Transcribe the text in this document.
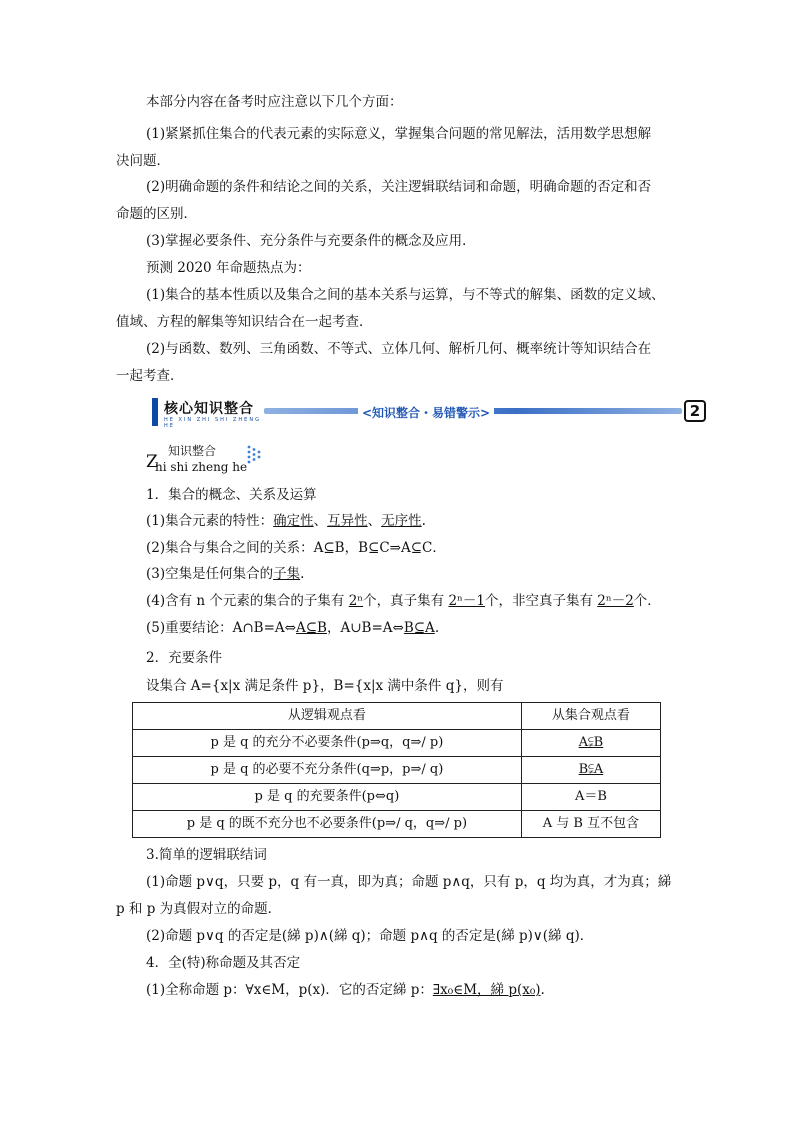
本部分内容在备考时应注意以下几个方面：
(1)紧紧抓住集合的代表元素的实际意义，掌握集合问题的常见解法，活用数学思想解
决问题．
(2)明确命题的条件和结论之间的关系，关注逻辑联结词和命题，明确命题的否定和否
命题的区别．
(3)掌握必要条件、充分条件与充要条件的概念及应用．
预测 2020 年命题热点为：
(1)集合的基本性质以及集合之间的基本关系与运算，与不等式的解集、函数的定义域、
值域、方程的解集等知识结合在一起考查．
(2)与函数、数列、三角函数、不等式、立体几何、解析几何、概率统计等知识结合在
一起考查．
核心知识整合
HE XIN ZHI SHI ZHENG HE
<知识整合・易错警示>	2
Z
知识整合
hi shi zheng he
1．集合的概念、关系及运算
(1)集合元素的特性：确定性、互异性、无序性.
(2)集合与集合之间的关系：A⊆B，B⊆C⇒A⊆C．
(3)空集是任何集合的子集.
(4)含有 n 个元素的集合的子集有 2ⁿ个，真子集有 2ⁿ－1个，非空真子集有 2ⁿ－2个．
(5)重要结论：A∩B=A⇔A⊆B，A∪B=A⇔B⊆A.
2．充要条件
设集合 A={x|x 满足条件 p}，B={x|x 满中条件 q}，则有
从逻辑观点看	从集合观点看
p 是 q 的充分不必要条件(p⇒q，q⇒/ p)	A⫋B
p 是 q 的必要不充分条件(q⇒p，p⇒/ q)	B⫋A
p 是 q 的充要条件(p⇔q)	A＝B
p 是 q 的既不充分也不必要条件(p⇒/ q，q⇒/ p)	A 与 B 互不包含
3.简单的逻辑联结词
(1)命题 p∨q，只要 p，q 有一真，即为真；命题 p∧q，只有 p，q 均为真，才为真；綈
p 和 p 为真假对立的命题．
(2)命题 p∨q 的否定是(綈 p)∧(綈 q)；命题 p∧q 的否定是(綈 p)∨(綈 q)．
4．全(特)称命题及其否定
(1)全称命题 p：∀x∈M，p(x)．它的否定綈 p：∃x₀∈M，綈 p(x₀).
